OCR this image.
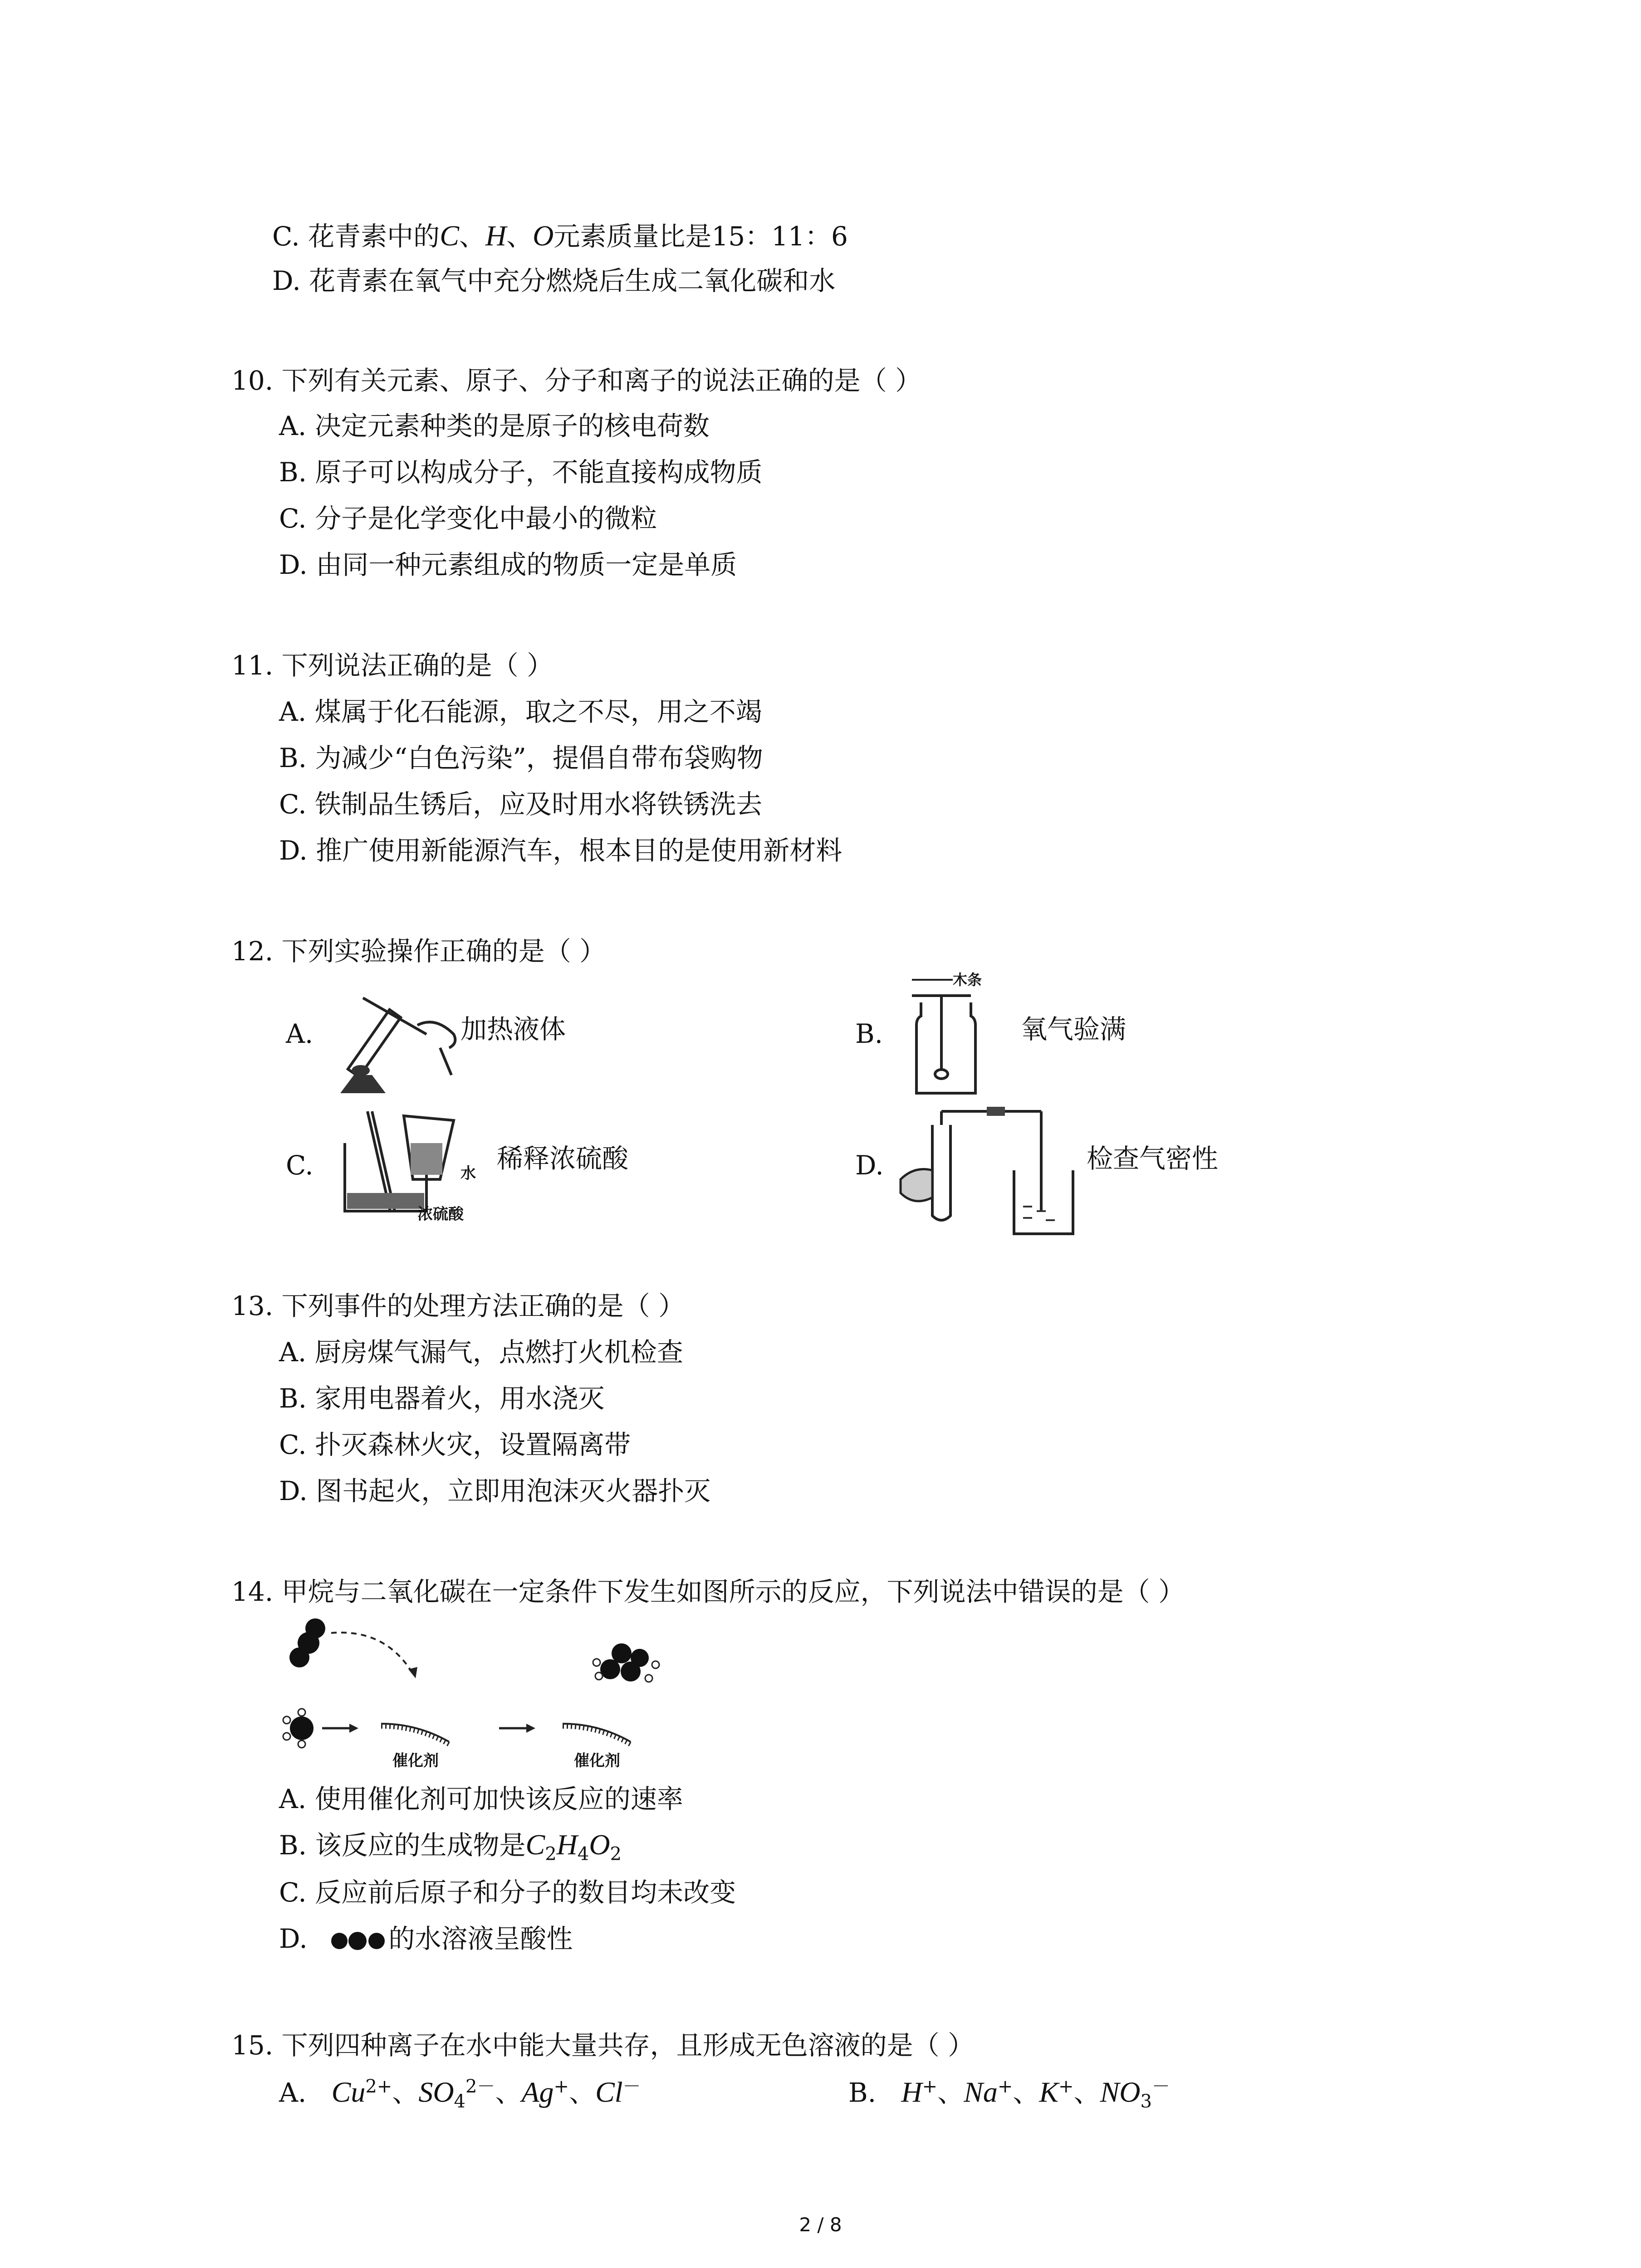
C. 花青素中的C、H、O元素质量比是15：11：6
D. 花青素在氧气中充分燃烧后生成二氧化碳和水
10. 下列有关元素、原子、分子和离子的说法正确的是（ ）
A. 决定元素种类的是原子的核电荷数
B. 原子可以构成分子，不能直接构成物质
C. 分子是化学变化中最小的微粒
D. 由同一种元素组成的物质一定是单质
11. 下列说法正确的是（ ）
A. 煤属于化石能源，取之不尽，用之不竭
B. 为减少“白色污染”，提倡自带布袋购物
C. 铁制品生锈后，应及时用水将铁锈洗去
D. 推广使用新能源汽车，根本目的是使用新材料
12. 下列实验操作正确的是（ ）
A.	加热液体	B.
木条
氧气验满
C.	水
浓硫酸
稀释浓硫酸	D.	检查气密性
13. 下列事件的处理方法正确的是（ ）
A. 厨房煤气漏气，点燃打火机检查
B. 家用电器着火，用水浇灭
C. 扑灭森林火灾，设置隔离带
D. 图书起火，立即用泡沫灭火器扑灭
14. 甲烷与二氧化碳在一定条件下发生如图所示的反应，下列说法中错误的是（ ）
催化剂	催化剂
A. 使用催化剂可加快该反应的速率
B. 该反应的生成物是$C_2H_4O_2$
C. 反应前后原子和分子的数目均未改变
D.	的水溶液呈酸性
15. 下列四种离子在水中能大量共存，且形成无色溶液的是（ ）
A. $Cu^{2+}$、$SO_4^{2-}$、Ag+、Cl－	B. H+、Na+、K+、$NO_3^-$
2 / 8
